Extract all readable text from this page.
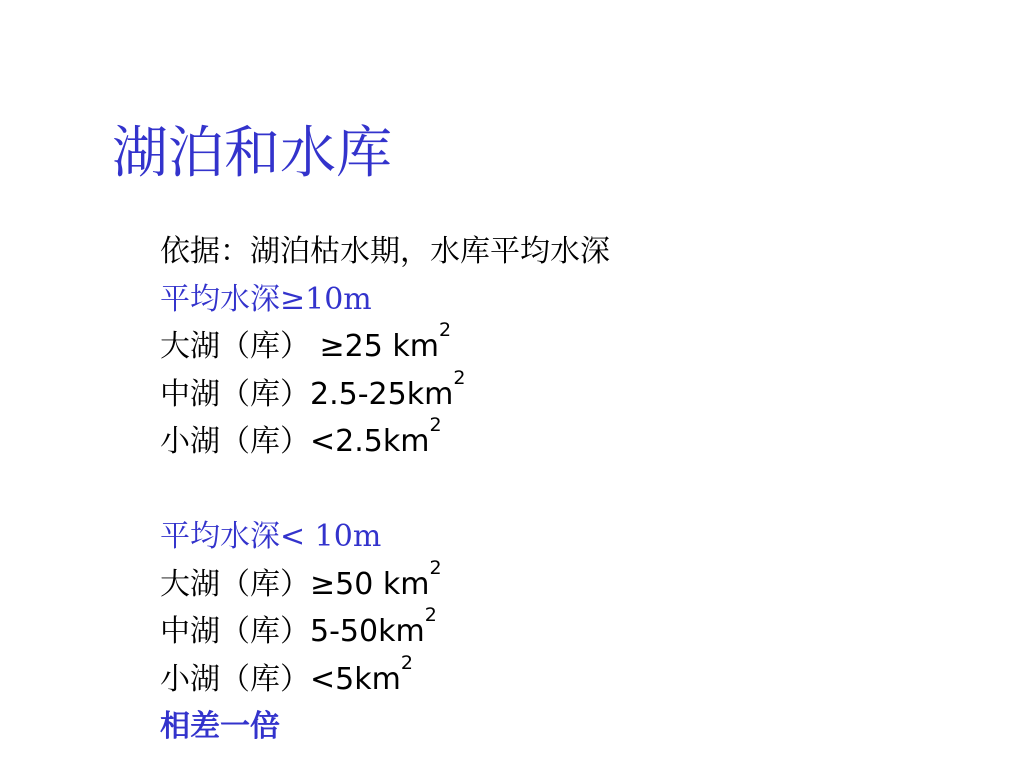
湖泊和水库
依据：湖泊枯水期，水库平均水深
平均水深≥10m
大湖（库） ≥25 $km^2$
中湖（库）$2.5-25km^2$
小湖（库）$<2.5km^2$
平均水深< 10m
大湖（库）≥50 $km^2$
中湖（库）$5-50km^2$
小湖（库）$<5km^2$
相差一倍
